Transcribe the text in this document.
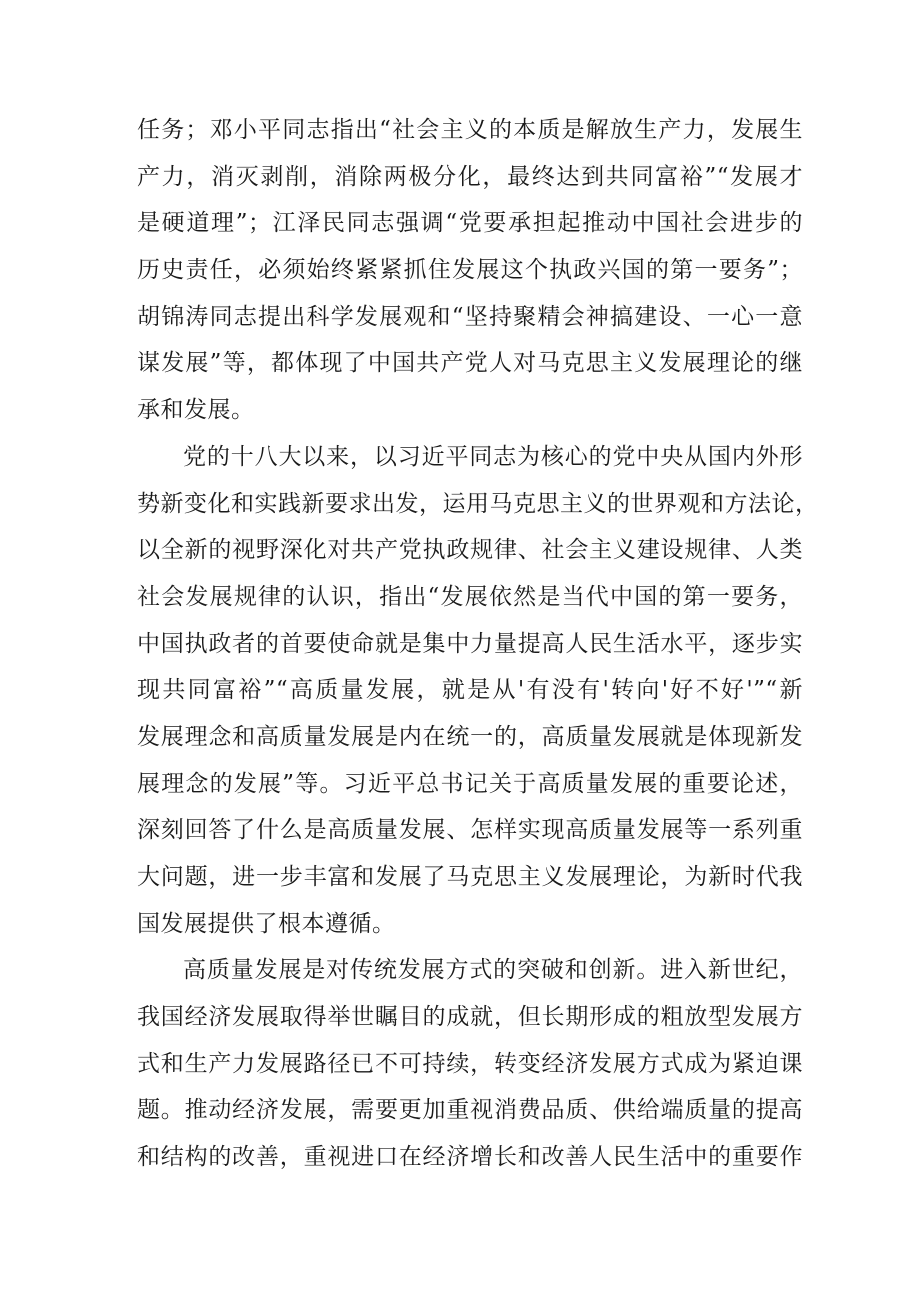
任务；邓小平同志指出“社会主义的本质是解放生产力，发展生
产力，消灭剥削，消除两极分化，最终达到共同富裕”“发展才
是硬道理”；江泽民同志强调“党要承担起推动中国社会进步的
历史责任，必须始终紧紧抓住发展这个执政兴国的第一要务”；
胡锦涛同志提出科学发展观和“坚持聚精会神搞建设、一心一意
谋发展”等，都体现了中国共产党人对马克思主义发展理论的继
承和发展。
党的十八大以来，以习近平同志为核心的党中央从国内外形
势新变化和实践新要求出发，运用马克思主义的世界观和方法论，
以全新的视野深化对共产党执政规律、社会主义建设规律、人类
社会发展规律的认识，指出“发展依然是当代中国的第一要务，
中国执政者的首要使命就是集中力量提高人民生活水平，逐步实
现共同富裕”“高质量发展，就是从'有没有'转向'好不好'”“新
发展理念和高质量发展是内在统一的，高质量发展就是体现新发
展理念的发展”等。习近平总书记关于高质量发展的重要论述，
深刻回答了什么是高质量发展、怎样实现高质量发展等一系列重
大问题，进一步丰富和发展了马克思主义发展理论，为新时代我
国发展提供了根本遵循。
高质量发展是对传统发展方式的突破和创新。进入新世纪，
我国经济发展取得举世瞩目的成就，但长期形成的粗放型发展方
式和生产力发展路径已不可持续，转变经济发展方式成为紧迫课
题。推动经济发展，需要更加重视消费品质、供给端质量的提高
和结构的改善，重视进口在经济增长和改善人民生活中的重要作
